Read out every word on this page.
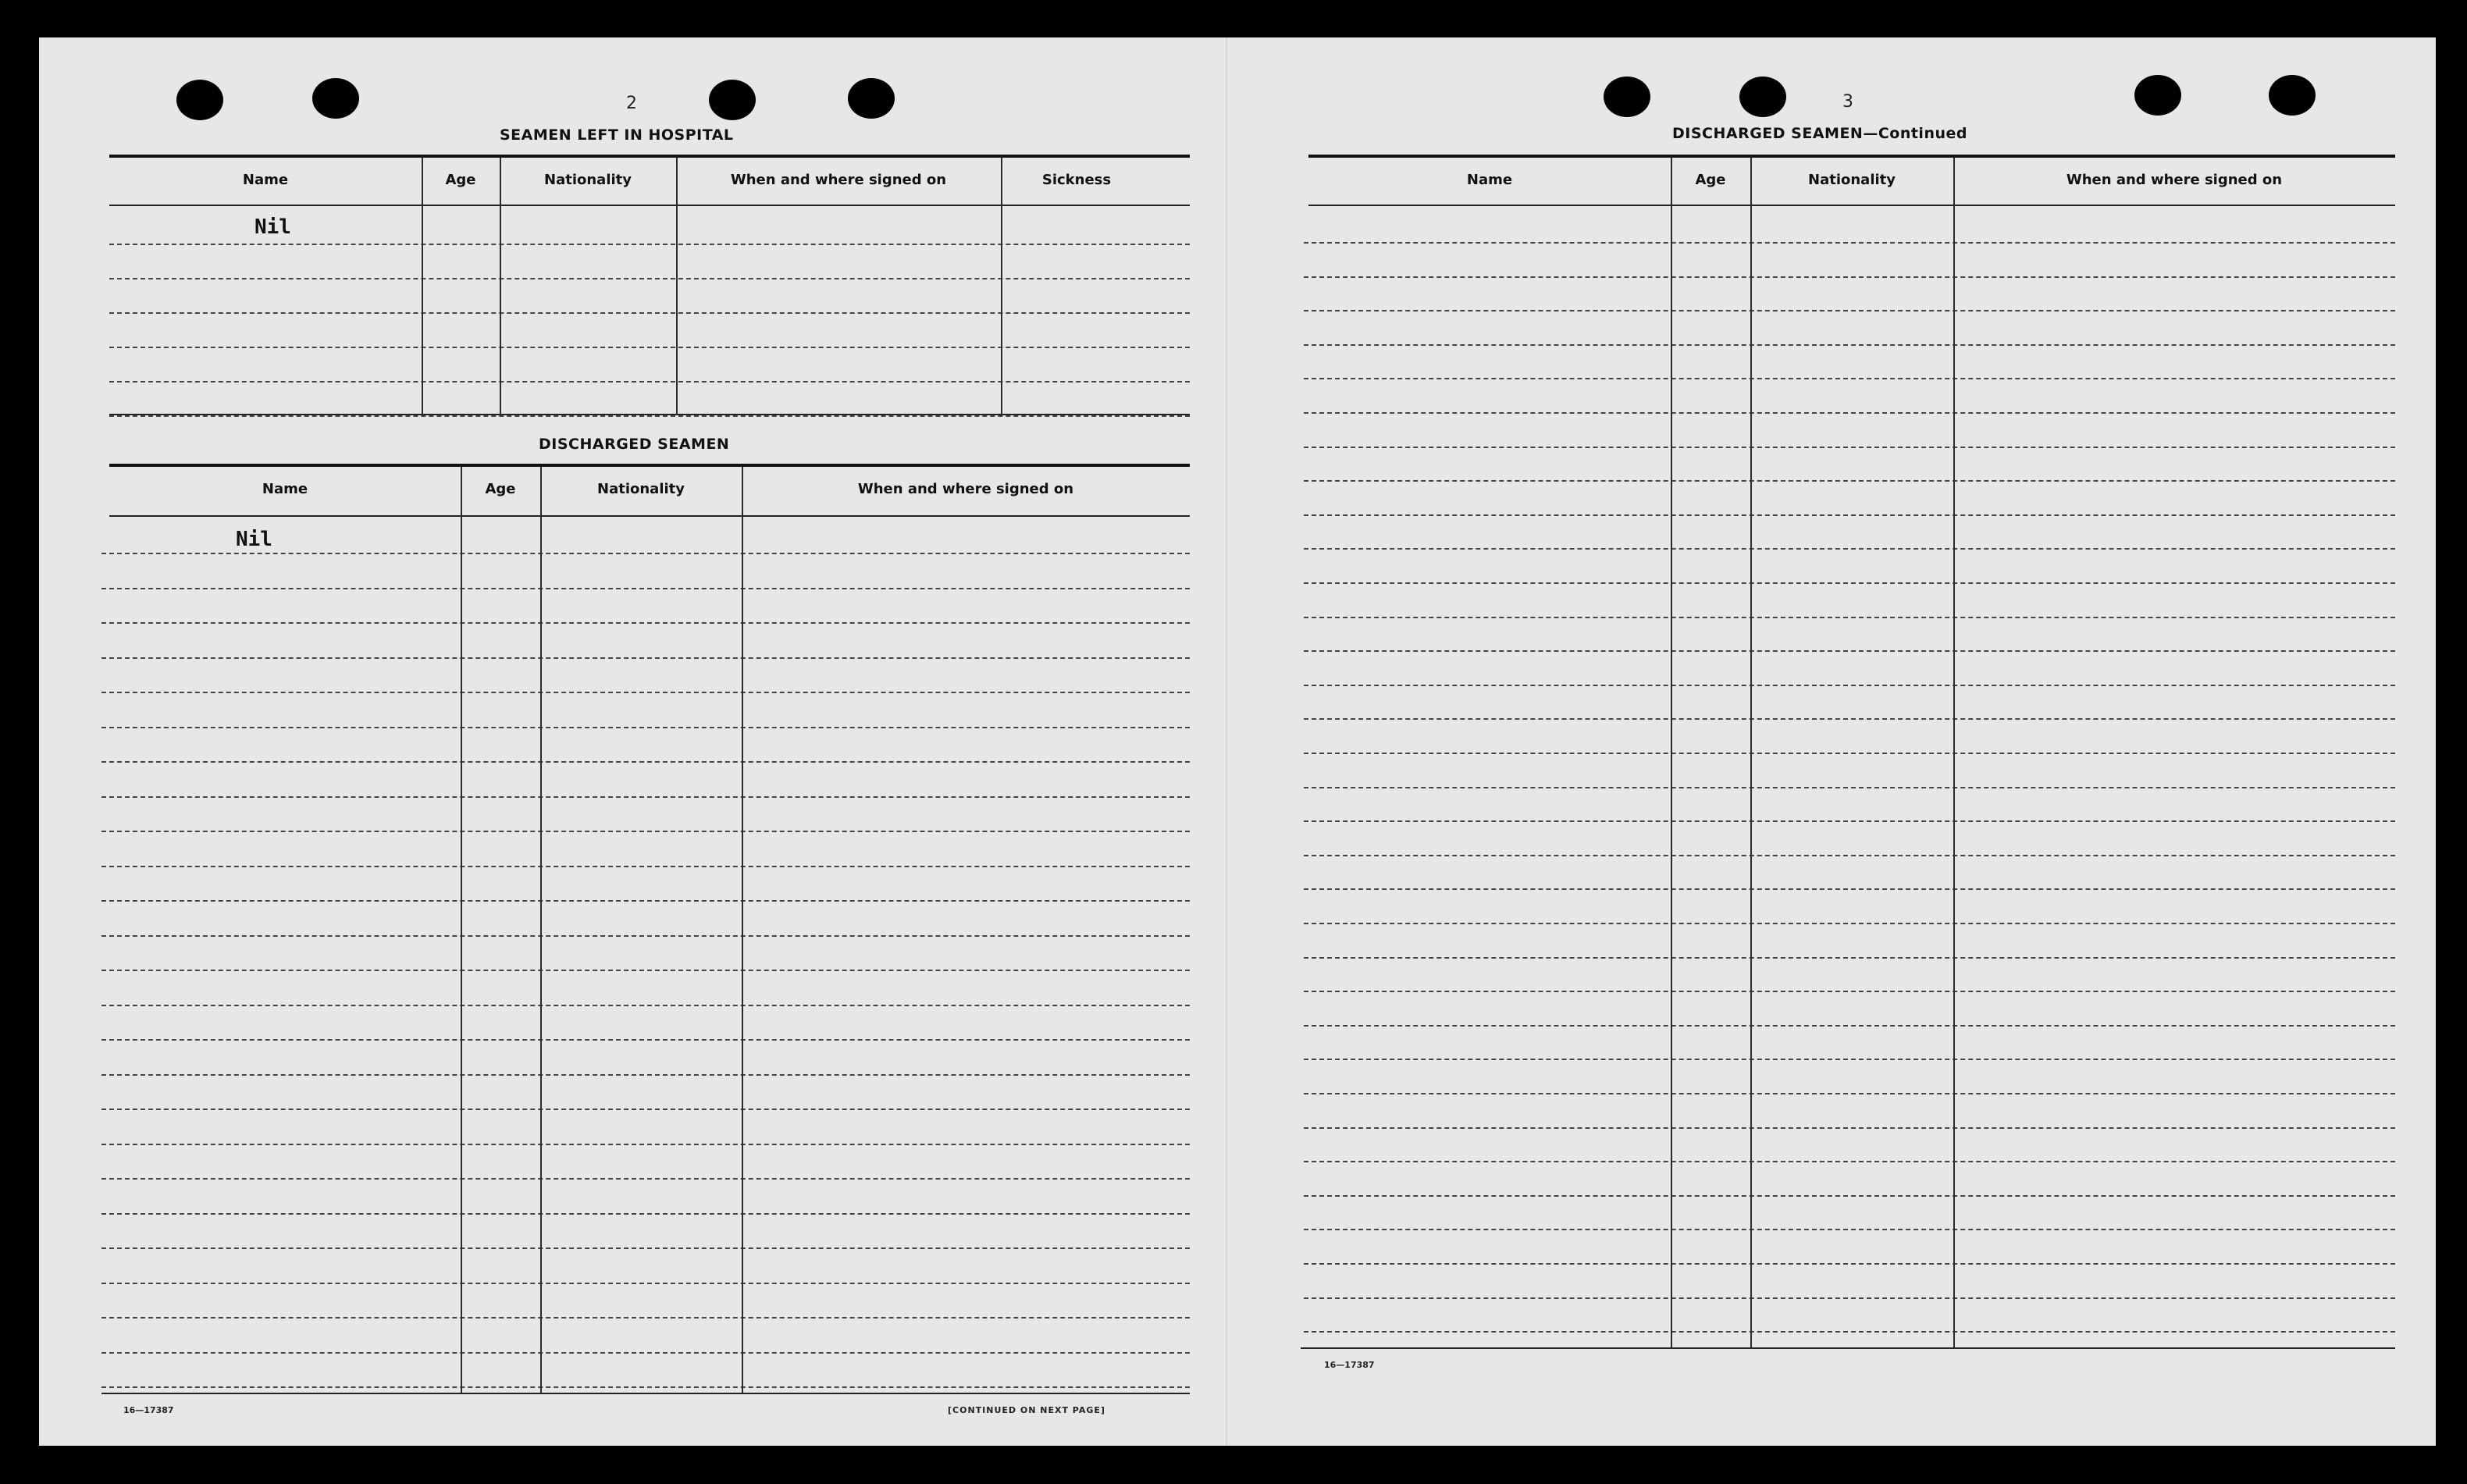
2
SEAMEN LEFT IN HOSPITAL
Name	Age	Nationality	When and where signed on	Sickness
Nil
DISCHARGED SEAMEN
Name	Age	Nationality	When and where signed on
Nil
16—17387	[CONTINUED ON NEXT PAGE]
3
DISCHARGED SEAMEN—Continued
Name	Age	Nationality	When and where signed on
16—17387
